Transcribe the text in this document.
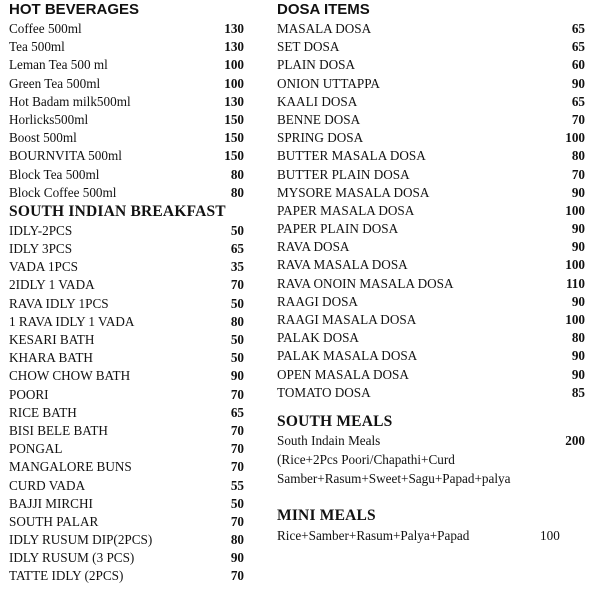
HOT BEVERAGES
Coffee 500ml	130
Tea 500ml	130
Leman Tea 500 ml	100
Green Tea 500ml	100
Hot Badam milk500ml	130
Horlicks500ml	150
Boost 500ml	150
BOURNVITA 500ml	150
Block Tea 500ml	80
Block Coffee 500ml	80
SOUTH INDIAN BREAKFAST
IDLY-2PCS	50
IDLY 3PCS	65
VADA 1PCS	35
2IDLY 1 VADA	70
RAVA IDLY 1PCS	50
1 RAVA IDLY 1 VADA	80
KESARI BATH	50
KHARA BATH	50
CHOW CHOW BATH	90
POORI	70
RICE BATH	65
BISI BELE BATH	70
PONGAL	70
MANGALORE BUNS	70
CURD VADA	55
BAJJI MIRCHI	50
SOUTH PALAR	70
IDLY RUSUM DIP(2PCS)	80
IDLY RUSUM (3 PCS)	90
TATTE IDLY (2PCS)	70
DOSA ITEMS
MASALA DOSA	65
SET DOSA	65
PLAIN DOSA	60
ONION UTTAPPA	90
KAALI DOSA	65
BENNE DOSA	70
SPRING DOSA	100
BUTTER MASALA DOSA	80
BUTTER PLAIN DOSA	70
MYSORE MASALA DOSA	90
PAPER MASALA DOSA	100
PAPER PLAIN DOSA	90
RAVA DOSA	90
RAVA MASALA DOSA	100
RAVA ONOIN MASALA DOSA	110
RAAGI DOSA	90
RAAGI MASALA DOSA	100
PALAK DOSA	80
PALAK MASALA DOSA	90
OPEN MASALA DOSA	90
TOMATO DOSA	85
SOUTH MEALS
South Indain Meals	200
(Rice+2Pcs Poori/Chapathi+Curd
Samber+Rasum+Sweet+Sagu+Papad+palya
MINI MEALS
Rice+Samber+Rasum+Palya+Papad	100
